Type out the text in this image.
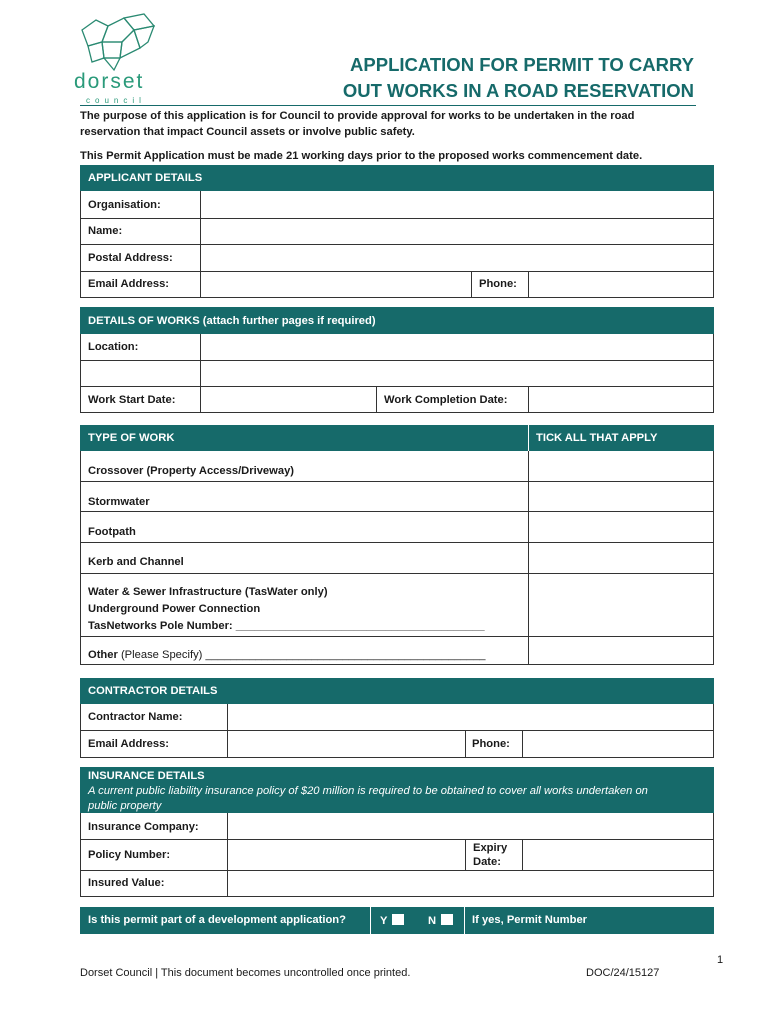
dorset
council
APPLICATION FOR PERMIT TO CARRY
OUT WORKS IN A ROAD RESERVATION
The purpose of this application is for Council to provide approval for works to be undertaken in the road
reservation that impact Council assets or involve public safety.
This Permit Application must be made 21 working days prior to the proposed works commencement date.
APPLICANT DETAILS
Organisation:
Name:
Postal Address:
Email Address:	Phone:
DETAILS OF WORKS (attach further pages if required)
Location:
Work Start Date:	Work Completion Date:
TYPE OF WORK	TICK ALL THAT APPLY
Crossover (Property Access/Driveway)
Stormwater
Footpath
Kerb and Channel
Water & Sewer Infrastructure (TasWater only)
Underground Power Connection
TasNetworks Pole Number: ________________________________________
Other (Please Specify) _____________________________________________
CONTRACTOR DETAILS
Contractor Name:
Email Address:	Phone:
INSURANCE DETAILS
A current public liability insurance policy of $20 million is required to be obtained to cover all works undertaken on
public property
Insurance Company:
Policy Number:
Expiry
Date:
Insured Value:
Is this permit part of a development application?	Y	N	If yes, Permit Number ____________________
1
Dorset Council | This document becomes uncontrolled once printed.	DOC/24/15127
